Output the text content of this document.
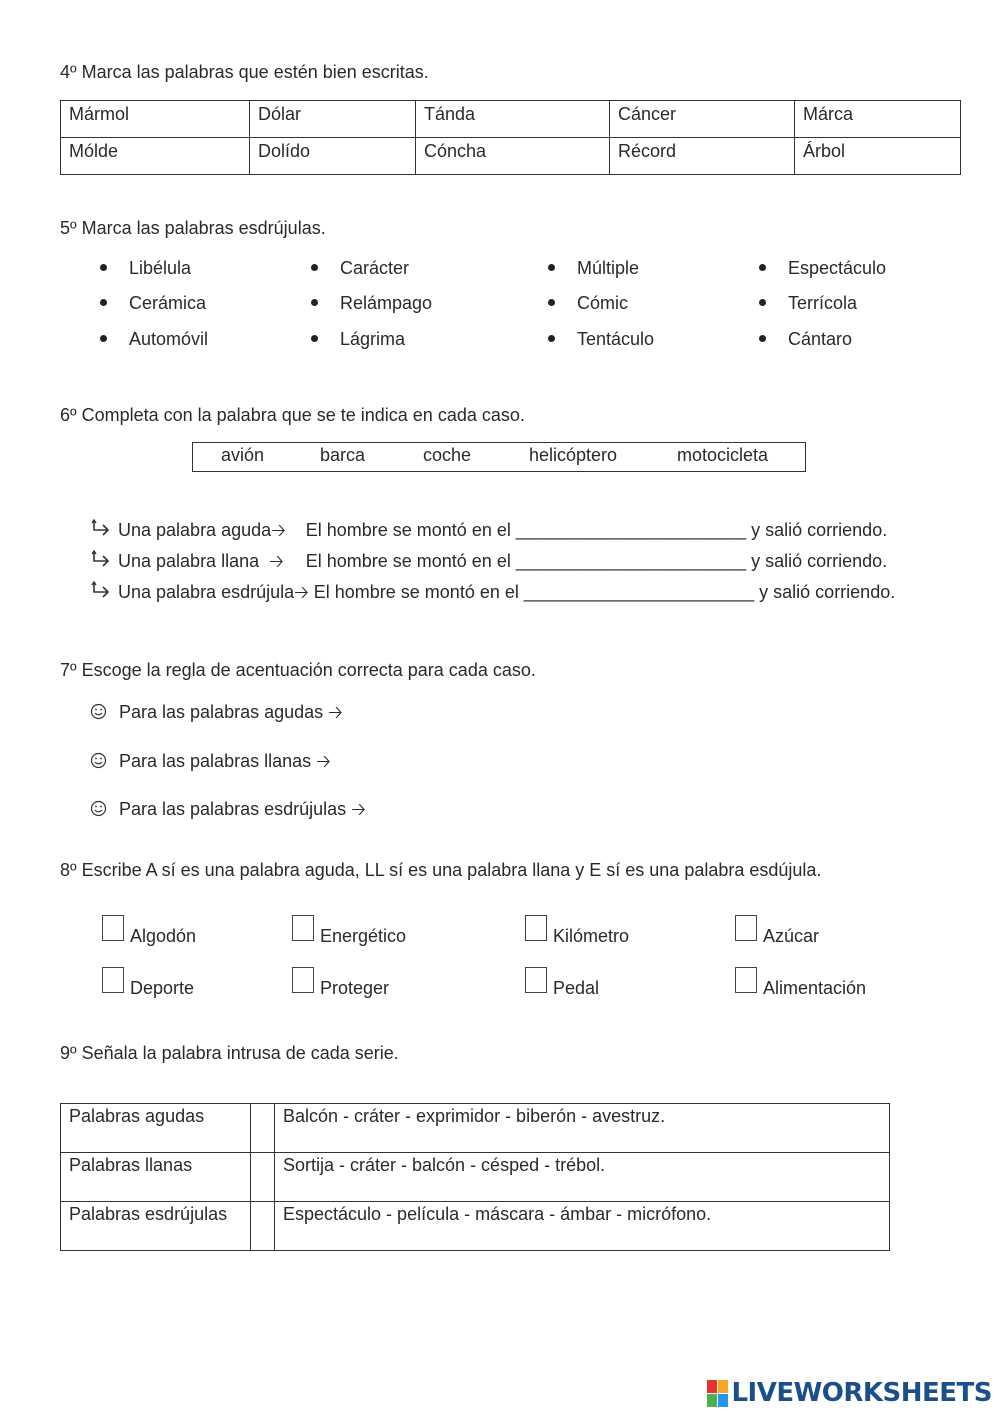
4º Marca las palabras que estén bien escritas.
Mármol	Dólar	Tánda	Cáncer	Márca
Mólde	Dolído	Cóncha	Récord	Árbol
5º Marca las palabras esdrújulas.
Libélula
Cerámica
Automóvil
Carácter
Relámpago
Lágrima
Múltiple
Cómic
Tentáculo
Espectáculo
Terrícola
Cántaro
6º Completa con la palabra que se te indica en cada caso.
avión	barca	coche	helicóptero	motocicleta
Una palabra aguda🡢 El hombre se montó en el _______________________ y salió corriendo.
Una palabra llana 🡢 El hombre se montó en el _______________________ y salió corriendo.
Una palabra esdrújula🡢 El hombre se montó en el _______________________ y salió corriendo.
7º Escoge la regla de acentuación correcta para cada caso.
Para las palabras agudas 🡢
Para las palabras llanas 🡢
Para las palabras esdrújulas 🡢
8º Escribe A sí es una palabra aguda, LL sí es una palabra llana y E sí es una palabra esdújula.
Algodón	Energético	Kilómetro	Azúcar
Deporte	Proteger	Pedal	Alimentación
9º Señala la palabra intrusa de cada serie.
Palabras agudas		Balcón - cráter - exprimidor - biberón - avestruz.
Palabras llanas		Sortija - cráter - balcón - césped - trébol.
Palabras esdrújulas		Espectáculo - película - máscara - ámbar - micrófono.
LIVEWORKSHEETS
